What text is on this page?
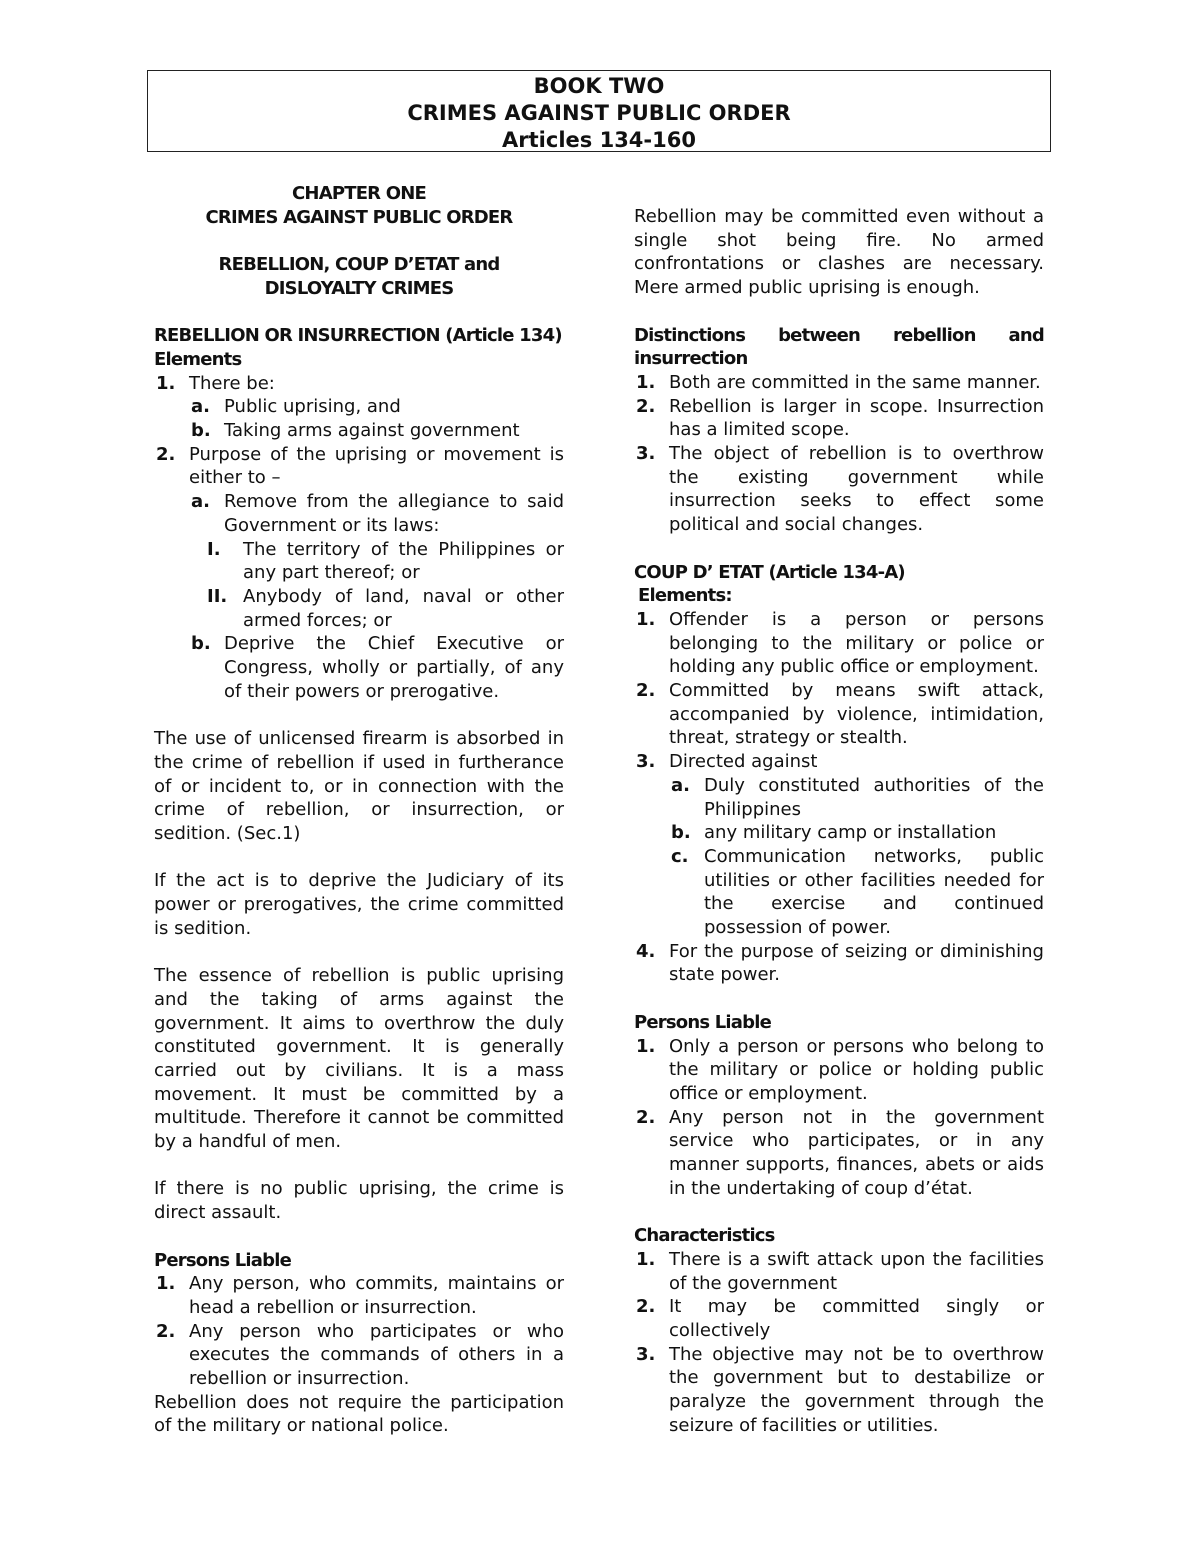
BOOK TWO
CRIMES AGAINST PUBLIC ORDER
Articles 134-160

CHAPTER ONE

CRIMES AGAINST PUBLIC ORDER

REBELLION, COUP D’ETAT and DISLOYALTY CRIMES

REBELLION OR INSURRECTION (Article 134)

Elements

1. There be:
a. Public uprising, and
b. Taking arms against government
2. Purpose of the uprising or movement is either to –
a. Remove from the allegiance to said Government or its laws:
I. The territory of the Philippines or any part thereof; or
II. Anybody of land, naval or other armed forces; or
b. Deprive the Chief Executive or Congress, wholly or partially, of any of their powers or prerogative.

The use of unlicensed firearm is absorbed in the crime of rebellion if used in furtherance of or incident to, or in connection with the crime of rebellion, or insurrection, or sedition. (Sec.1)

If the act is to deprive the Judiciary of its power or prerogatives, the crime committed is sedition.

The essence of rebellion is public uprising and the taking of arms against the government. It aims to overthrow the duly constituted government. It is generally carried out by civilians. It is a mass movement. It must be committed by a multitude. Therefore it cannot be committed by a handful of men.

If there is no public uprising, the crime is direct assault.

Persons Liable

1. Any person, who commits, maintains or head a rebellion or insurrection.
2. Any person who participates or who executes the commands of others in a rebellion or insurrection.

Rebellion does not require the participation of the military or national police.

Rebellion may be committed even without a single shot being fire. No armed confrontations or clashes are necessary. Mere armed public uprising is enough.

Distinctions between rebellion and insurrection

1. Both are committed in the same manner.
2. Rebellion is larger in scope. Insurrection has a limited scope.
3. The object of rebellion is to overthrow the existing government while insurrection seeks to effect some political and social changes.

COUP D’ ETAT (Article 134-A)

Elements:

1. Offender is a person or persons belonging to the military or police or holding any public office or employment.
2. Committed by means swift attack, accompanied by violence, intimidation, threat, strategy or stealth.
3. Directed against
a. Duly constituted authorities of the Philippines
b. any military camp or installation
c. Communication networks, public utilities or other facilities needed for the exercise and continued possession of power.
4. For the purpose of seizing or diminishing state power.

Persons Liable

1. Only a person or persons who belong to the military or police or holding public office or employment.
2. Any person not in the government service who participates, or in any manner supports, finances, abets or aids in the undertaking of coup d’état.

Characteristics

1. There is a swift attack upon the facilities of the government
2. It may be committed singly or collectively
3. The objective may not be to overthrow the government but to destabilize or paralyze the government through the seizure of facilities or utilities.
